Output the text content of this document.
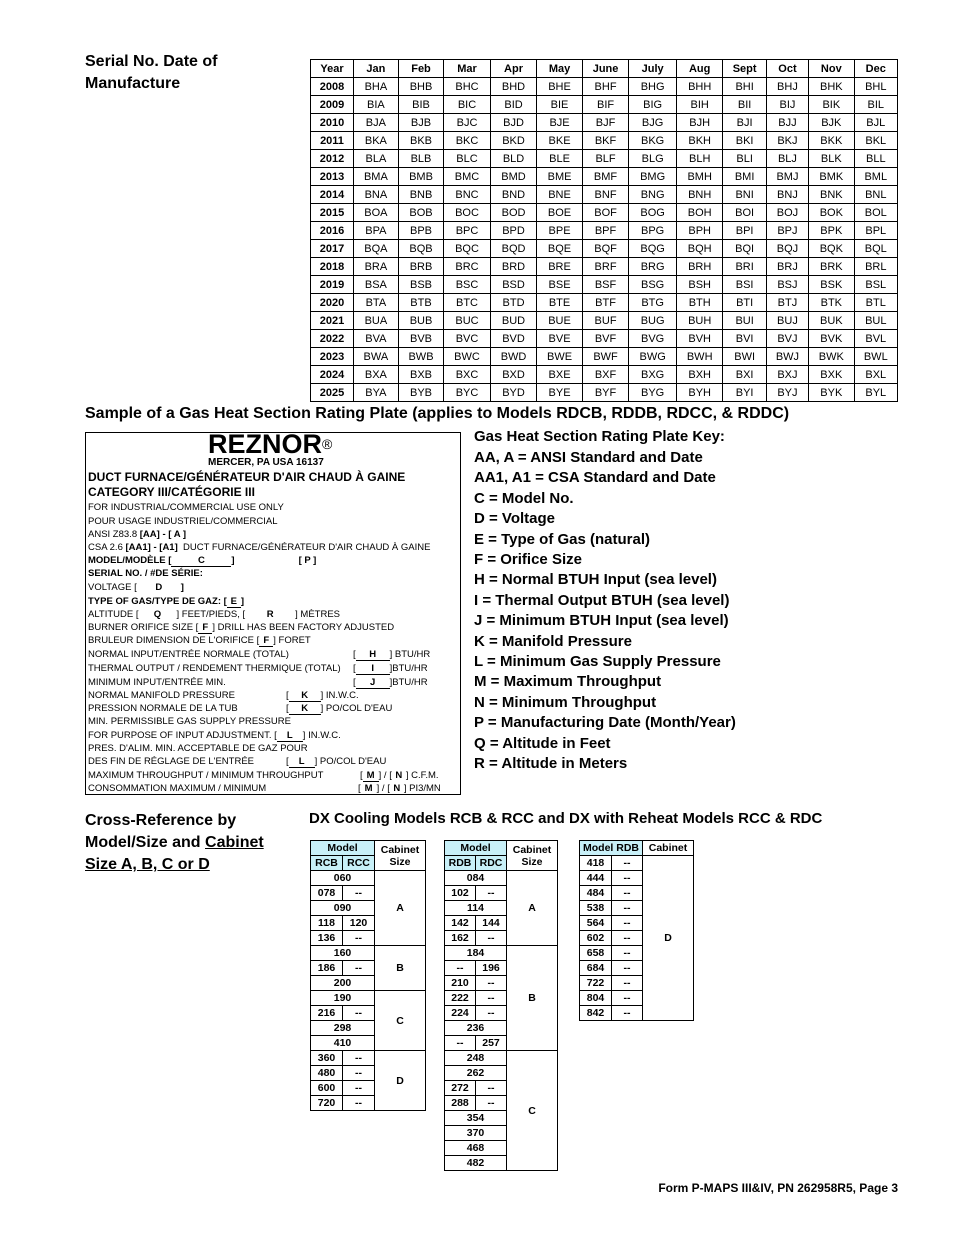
Serial No. Date of
Manufacture
Year	Jan	Feb	Mar	Apr	May	June	July	Aug	Sept	Oct	Nov	Dec
2008	BHA	BHB	BHC	BHD	BHE	BHF	BHG	BHH	BHI	BHJ	BHK	BHL
2009	BIA	BIB	BIC	BID	BIE	BIF	BIG	BIH	BII	BIJ	BIK	BIL
2010	BJA	BJB	BJC	BJD	BJE	BJF	BJG	BJH	BJI	BJJ	BJK	BJL
2011	BKA	BKB	BKC	BKD	BKE	BKF	BKG	BKH	BKI	BKJ	BKK	BKL
2012	BLA	BLB	BLC	BLD	BLE	BLF	BLG	BLH	BLI	BLJ	BLK	BLL
2013	BMA	BMB	BMC	BMD	BME	BMF	BMG	BMH	BMI	BMJ	BMK	BML
2014	BNA	BNB	BNC	BND	BNE	BNF	BNG	BNH	BNI	BNJ	BNK	BNL
2015	BOA	BOB	BOC	BOD	BOE	BOF	BOG	BOH	BOI	BOJ	BOK	BOL
2016	BPA	BPB	BPC	BPD	BPE	BPF	BPG	BPH	BPI	BPJ	BPK	BPL
2017	BQA	BQB	BQC	BQD	BQE	BQF	BQG	BQH	BQI	BQJ	BQK	BQL
2018	BRA	BRB	BRC	BRD	BRE	BRF	BRG	BRH	BRI	BRJ	BRK	BRL
2019	BSA	BSB	BSC	BSD	BSE	BSF	BSG	BSH	BSI	BSJ	BSK	BSL
2020	BTA	BTB	BTC	BTD	BTE	BTF	BTG	BTH	BTI	BTJ	BTK	BTL
2021	BUA	BUB	BUC	BUD	BUE	BUF	BUG	BUH	BUI	BUJ	BUK	BUL
2022	BVA	BVB	BVC	BVD	BVE	BVF	BVG	BVH	BVI	BVJ	BVK	BVL
2023	BWA	BWB	BWC	BWD	BWE	BWF	BWG	BWH	BWI	BWJ	BWK	BWL
2024	BXA	BXB	BXC	BXD	BXE	BXF	BXG	BXH	BXI	BXJ	BXK	BXL
2025	BYA	BYB	BYC	BYD	BYE	BYF	BYG	BYH	BYI	BYJ	BYK	BYL
Sample of a Gas Heat Section Rating Plate (applies to Models RDCB, RDDB, RDCC, & RDDC)
REZNOR®
MERCER, PA USA 16137
DUCT FURNACE/GÉNÉRATEUR D'AIR CHAUD À GAINE
CATEGORY III/CATÉGORIE III
FOR INDUSTRIAL/COMMERCIAL USE ONLY
POUR USAGE INDUSTRIEL/COMMERCIAL
ANSI Z83.8 [AA] - [ A ]
CSA 2.6 [AA1] - [A1] DUCT FURNACE/GÉNÉRATEUR D'AIR CHAUD À GAINE
MODEL/MODÈLE [	C	]	[ P ]
SERIAL NO. / #DE SÉRIE:
VOLTAGE [ D ]
TYPE OF GAS/TYPE DE GAZ: [ E ]
ALTITUDE [ Q ] FEET/PIEDS, [ R ] MÈTRES
BURNER ORIFICE SIZE [ F ] DRILL HAS BEEN FACTORY ADJUSTED
BRULEUR DIMENSION DE L'ORIFICE [ F ] FORET
NORMAL INPUT/ENTRÉE NORMALE (TOTAL)	[ H ] BTU/HR
THERMAL OUTPUT / RENDEMENT THERMIQUE (TOTAL) [ I ]BTU/HR
MINIMUM INPUT/ENTRÉE MIN.	[ J ]BTU/HR
NORMAL MANIFOLD PRESSURE	[ K ] IN.W.C.
PRESSION NORMALE DE LA TUB	[ K ] PO/COL D'EAU
MIN. PERMISSIBLE GAS SUPPLY PRESSURE
FOR PURPOSE OF INPUT ADJUSTMENT. [ L ] IN.W.C.
PRES. D'ALIM. MIN. ACCEPTABLE DE GAZ POUR
DES FIN DE RÉGLAGE DE L'ENTRÉE	[ L ] PO/COL D'EAU
MAXIMUM THROUGHPUT / MINIMUM THROUGHPUT	[ M ] / [ N ] C.F.M.
CONSOMMATION MAXIMUM / MINIMUM	[ M ] / [ N ] PI3/MN
Gas Heat Section Rating Plate Key:
AA, A = ANSI Standard and Date
AA1, A1 = CSA Standard and Date
C = Model No.
D = Voltage
E = Type of Gas (natural)
F = Orifice Size
H = Normal BTUH Input (sea level)
I = Thermal Output BTUH (sea level)
J = Minimum BTUH Input (sea level)
K = Manifold Pressure
L = Minimum Gas Supply Pressure
M = Maximum Throughput
N = Minimum Throughput
P = Manufacturing Date (Month/Year)
Q = Altitude in Feet
R = Altitude in Meters
Cross-Reference by
Model/Size and Cabinet
Size A, B, C or D
DX Cooling Models RCB & RCC and DX with Reheat Models RCC & RDC
Model		Cabinet
Size

RCB	RCC	
060		A
078	--	
090		
118	120	
136	--	
160		B
186	--	
200		
190		C
216	--	
298		
410		
360	--	D
480	--	
600	--	
720	--	
Model		Cabinet
Size

RDB	RDC	
084		A
102	--	
114		
142	144	
162	--	
184		B
--	196	
210	--	
222	--	
224	--	
236		
--	257	
248		C
262		
272	--	
288	--	
354		
370		
468		
482		
Model RDB		Cabinet
418	--	D
444	--	
484	--	
538	--	
564	--	
602	--	
658	--	
684	--	
722	--	
804	--	
842	--	
Form P-MAPS III&IV, PN 262958R5, Page 3
